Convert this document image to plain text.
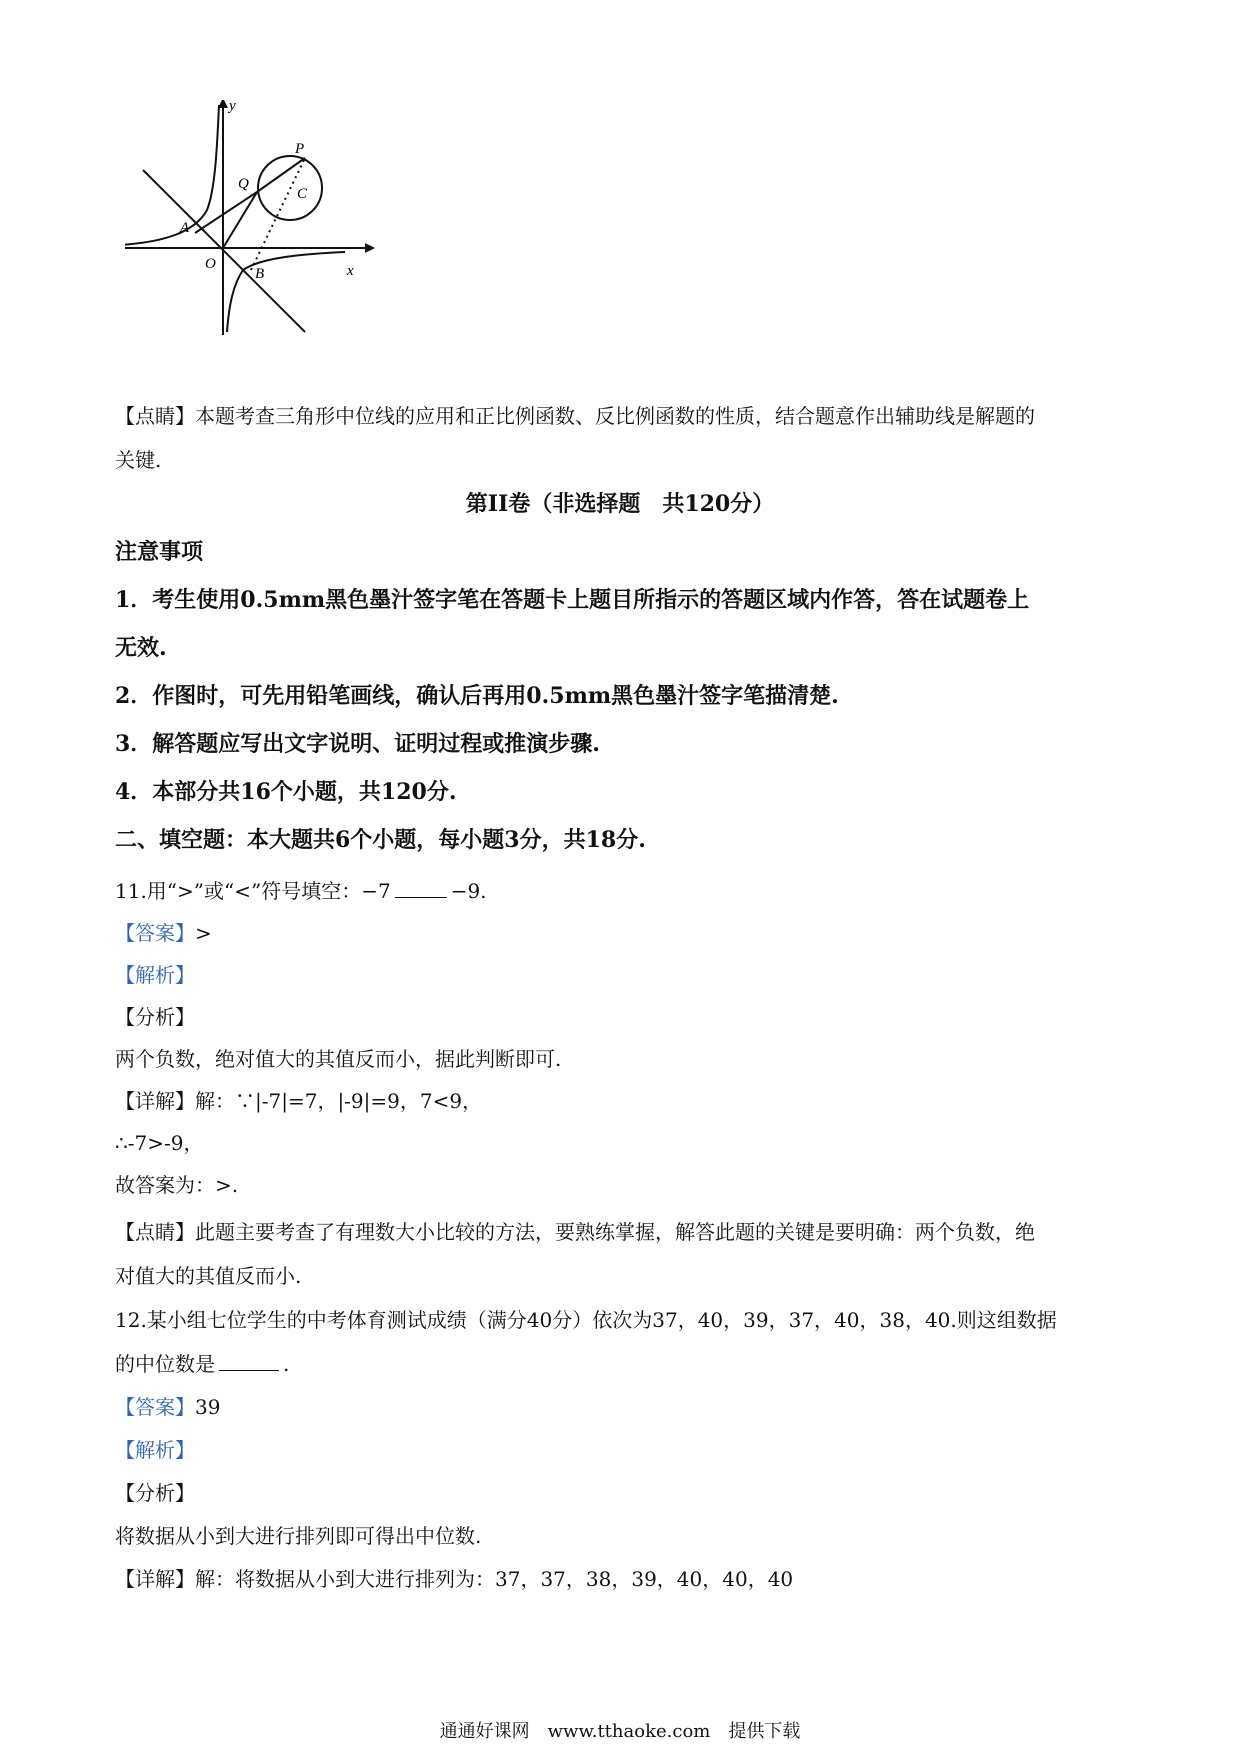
y
x
P
C
Q
A
O
B
【点睛】本题考查三角形中位线的应用和正比例函数、反比例函数的性质，结合题意作出辅助线是解题的
关键.
第II卷（非选择题　共120分）
注意事项
1．考生使用0.5mm黑色墨汁签字笔在答题卡上题目所指示的答题区域内作答，答在试题卷上
无效.
2．作图时，可先用铅笔画线，确认后再用0.5mm黑色墨汁签字笔描清楚.
3．解答题应写出文字说明、证明过程或推演步骤.
4．本部分共16个小题，共120分.
二、填空题：本大题共6个小题，每小题3分，共18分.
11.用“>”或“<”符号填空：−7	−9.
【答案】>
【解析】
【分析】
两个负数，绝对值大的其值反而小，据此判断即可.
【详解】解：∵|-7|=7，|-9|=9，7<9，
∴-7>-9，
故答案为：>.
【点睛】此题主要考查了有理数大小比较的方法，要熟练掌握，解答此题的关键是要明确：两个负数，绝
对值大的其值反而小.
12.某小组七位学生的中考体育测试成绩（满分40分）依次为37，40，39，37，40，38，40.则这组数据
的中位数是	.
【答案】39
【解析】
【分析】
将数据从小到大进行排列即可得出中位数.
【详解】解：将数据从小到大进行排列为：37，37，38，39，40，40，40
通通好课网　www.tthaoke.com　提供下载
